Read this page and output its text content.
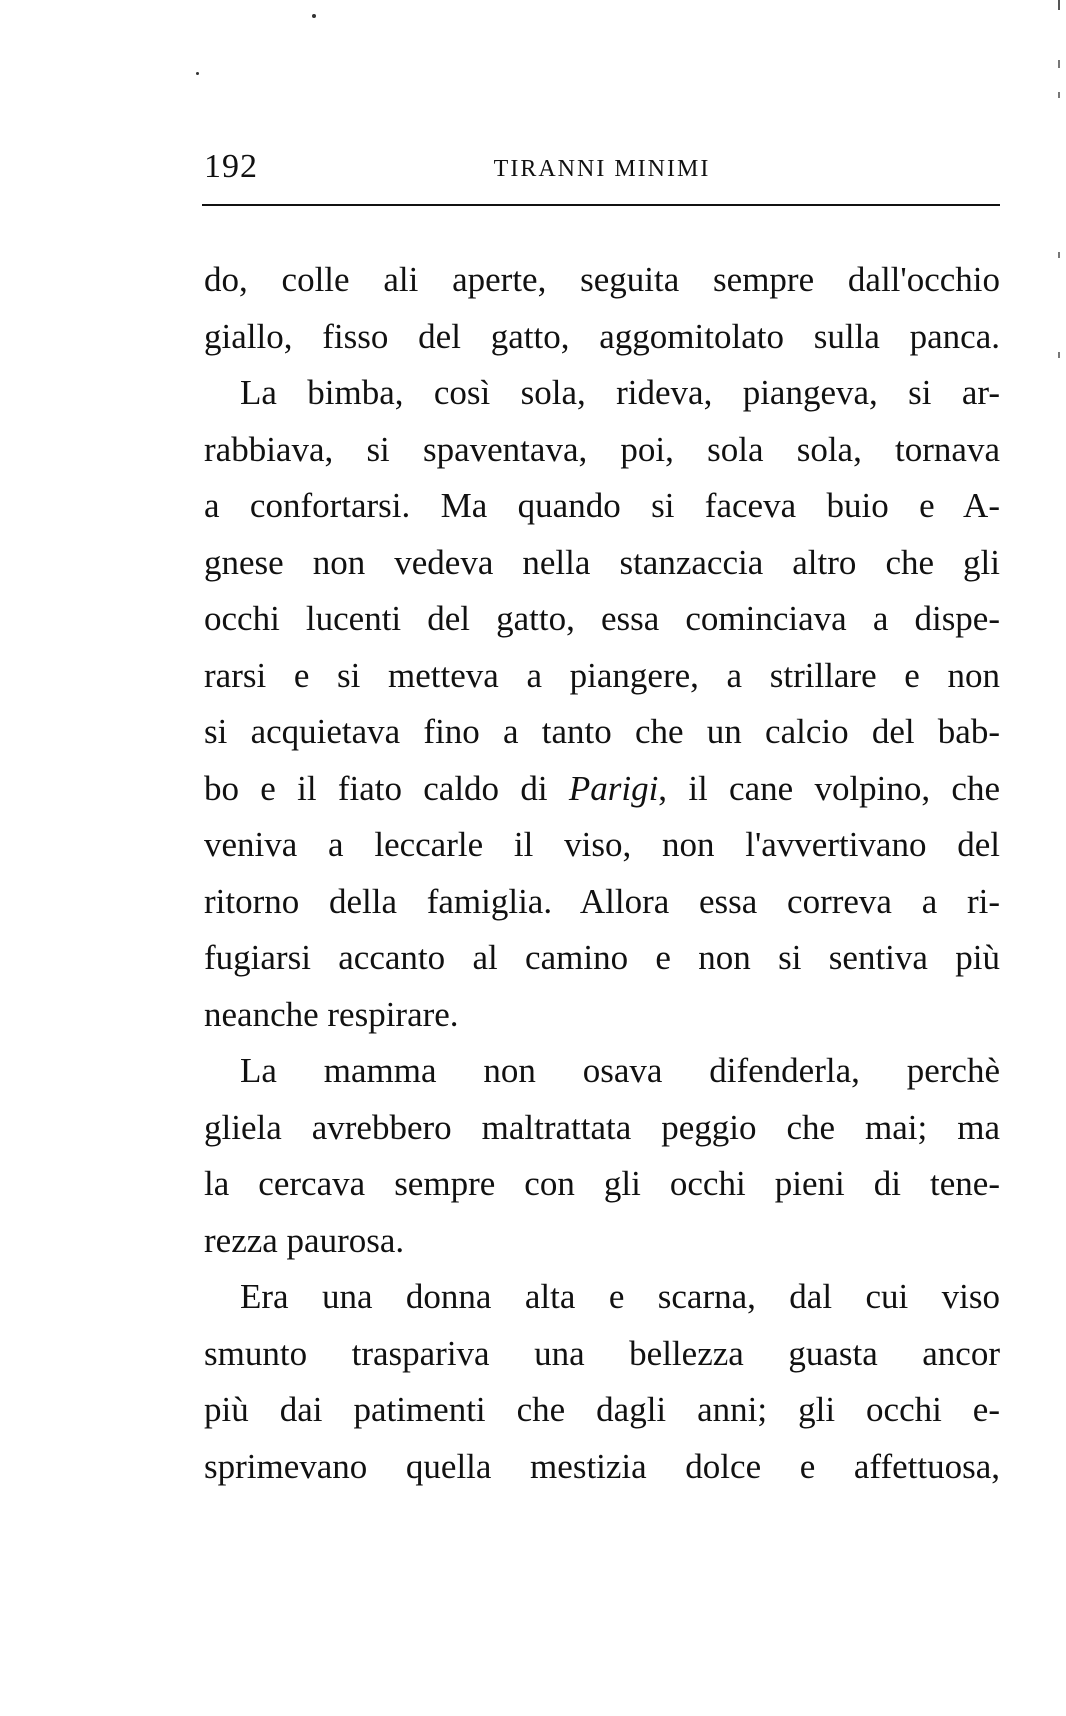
192	TIRANNI MINIMI
do, colle ali aperte, seguita sempre dall'occhio
giallo, fisso del gatto, aggomitolato sulla panca.
La bimba, così sola, rideva, piangeva, si ar-
rabbiava, si spaventava, poi, sola sola, tornava
a confortarsi. Ma quando si faceva buio e A-
gnese non vedeva nella stanzaccia altro che gli
occhi lucenti del gatto, essa cominciava a dispe-
rarsi e si metteva a piangere, a strillare e non
si acquietava fino a tanto che un calcio del bab-
bo e il fiato caldo di Parigi, il cane volpino, che
veniva a leccarle il viso, non l'avvertivano del
ritorno della famiglia. Allora essa correva a ri-
fugiarsi accanto al camino e non si sentiva più
neanche respirare.
La mamma non osava difenderla, perchè
gliela avrebbero maltrattata peggio che mai; ma
la cercava sempre con gli occhi pieni di tene-
rezza paurosa.
Era una donna alta e scarna, dal cui viso
smunto traspariva una bellezza guasta ancor
più dai patimenti che dagli anni; gli occhi e-
sprimevano quella mestizia dolce e affettuosa,
